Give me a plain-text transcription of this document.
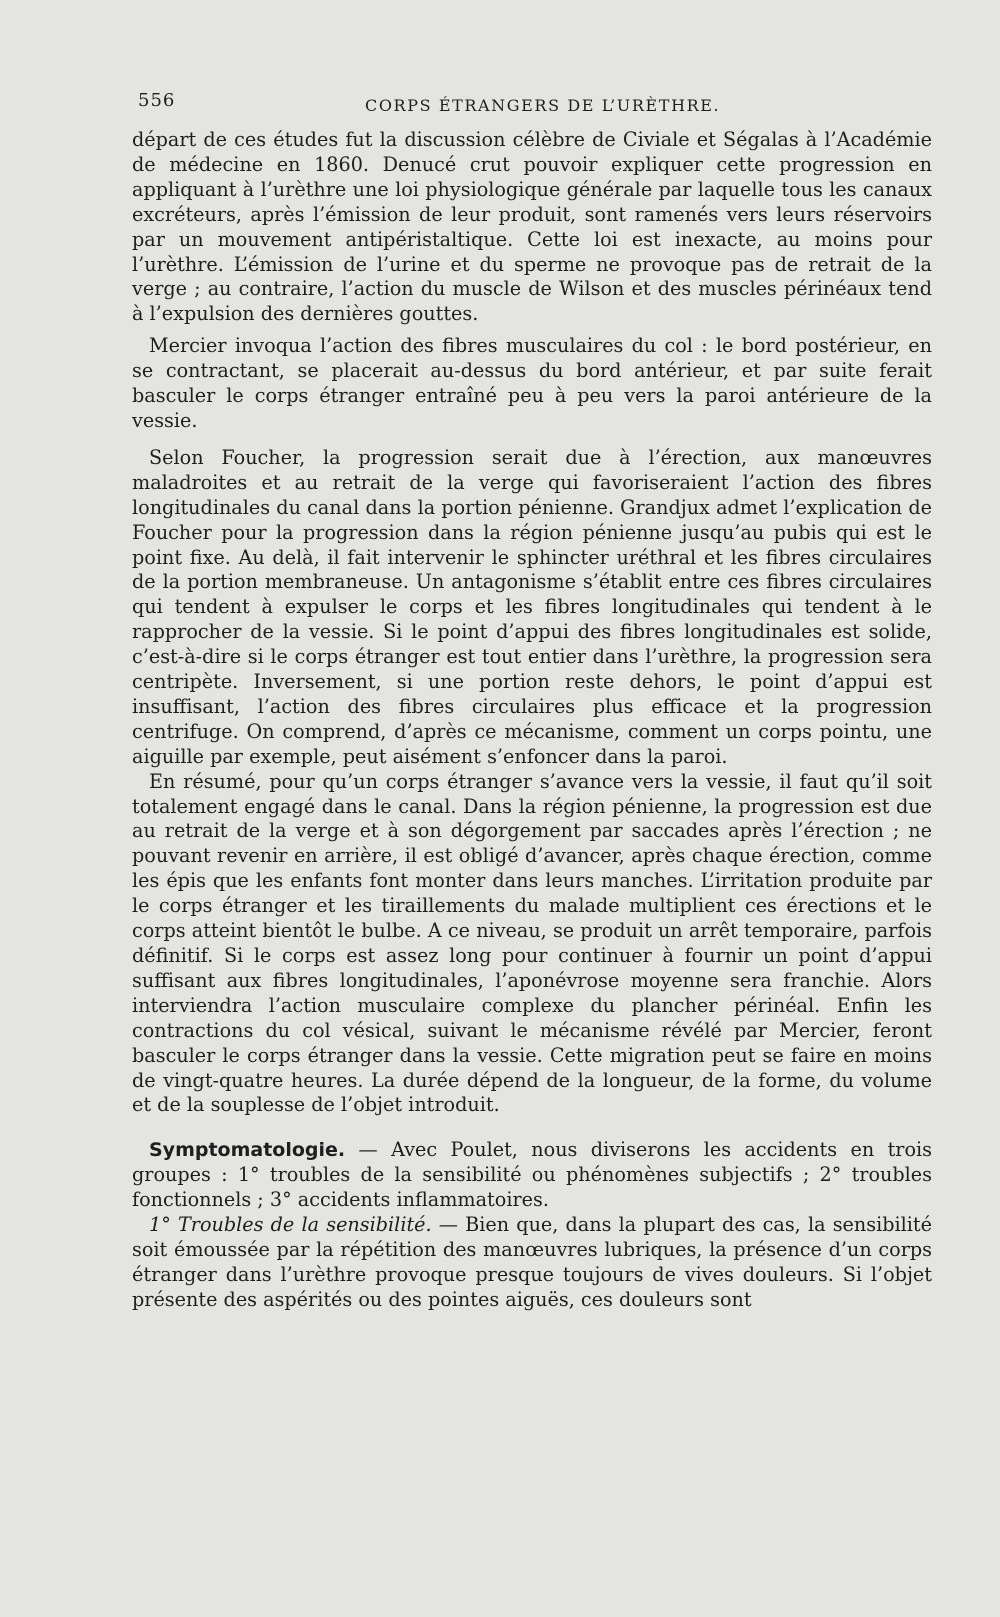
556	CORPS ÉTRANGERS DE L’URÈTHRE.

départ de ces études fut la discussion célèbre de Civiale et Ségalas à l’Académie de médecine en 1860. Denucé crut pouvoir expliquer cette progression en appliquant à l’urèthre une loi physiologique générale par laquelle tous les canaux excréteurs, après l’émission de leur produit, sont ramenés vers leurs réservoirs par un mouvement antipéristaltique. Cette loi est inexacte, au moins pour l’urèthre. L’émission de l’urine et du sperme ne provoque pas de retrait de la verge ; au contraire, l’action du muscle de Wilson et des muscles périnéaux tend à l’expulsion des dernières gouttes.

Mercier invoqua l’action des fibres musculaires du col : le bord postérieur, en se contractant, se placerait au-dessus du bord antérieur, et par suite ferait basculer le corps étranger entraîné peu à peu vers la paroi antérieure de la vessie.

Selon Foucher, la progression serait due à l’érection, aux manœuvres maladroites et au retrait de la verge qui favoriseraient l’action des fibres longitudinales du canal dans la portion pénienne. Grandjux admet l’explication de Foucher pour la progression dans la région pénienne jusqu’au pubis qui est le point fixe. Au delà, il fait intervenir le sphincter uréthral et les fibres circulaires de la portion membraneuse. Un antagonisme s’établit entre ces fibres circulaires qui tendent à expulser le corps et les fibres longitudinales qui tendent à le rapprocher de la vessie. Si le point d’appui des fibres longitudinales est solide, c’est-à-dire si le corps étranger est tout entier dans l’urèthre, la progression sera centripète. Inversement, si une portion reste dehors, le point d’appui est insuffisant, l’action des fibres circulaires plus efficace et la progression centrifuge. On comprend, d’après ce mécanisme, comment un corps pointu, une aiguille par exemple, peut aisément s’enfoncer dans la paroi.

En résumé, pour qu’un corps étranger s’avance vers la vessie, il faut qu’il soit totalement engagé dans le canal. Dans la région pénienne, la progression est due au retrait de la verge et à son dégorgement par saccades après l’érection ; ne pouvant revenir en arrière, il est obligé d’avancer, après chaque érection, comme les épis que les enfants font monter dans leurs manches. L’irritation produite par le corps étranger et les tiraillements du malade multiplient ces érections et le corps atteint bientôt le bulbe. A ce niveau, se produit un arrêt temporaire, parfois définitif. Si le corps est assez long pour continuer à fournir un point d’appui suffisant aux fibres longitudinales, l’aponévrose moyenne sera franchie. Alors interviendra l’action musculaire complexe du plancher périnéal. Enfin les contractions du col vésical, suivant le mécanisme révélé par Mercier, feront basculer le corps étranger dans la vessie. Cette migration peut se faire en moins de vingt-quatre heures. La durée dépend de la longueur, de la forme, du volume et de la souplesse de l’objet introduit.

Symptomatologie. — Avec Poulet, nous diviserons les accidents en trois groupes : 1° troubles de la sensibilité ou phénomènes subjectifs ; 2° troubles fonctionnels ; 3° accidents inflammatoires.

1° Troubles de la sensibilité. — Bien que, dans la plupart des cas, la sensibilité soit émoussée par la répétition des manœuvres lubriques, la présence d’un corps étranger dans l’urèthre provoque presque toujours de vives douleurs. Si l’objet présente des aspérités ou des pointes aiguës, ces douleurs sont
